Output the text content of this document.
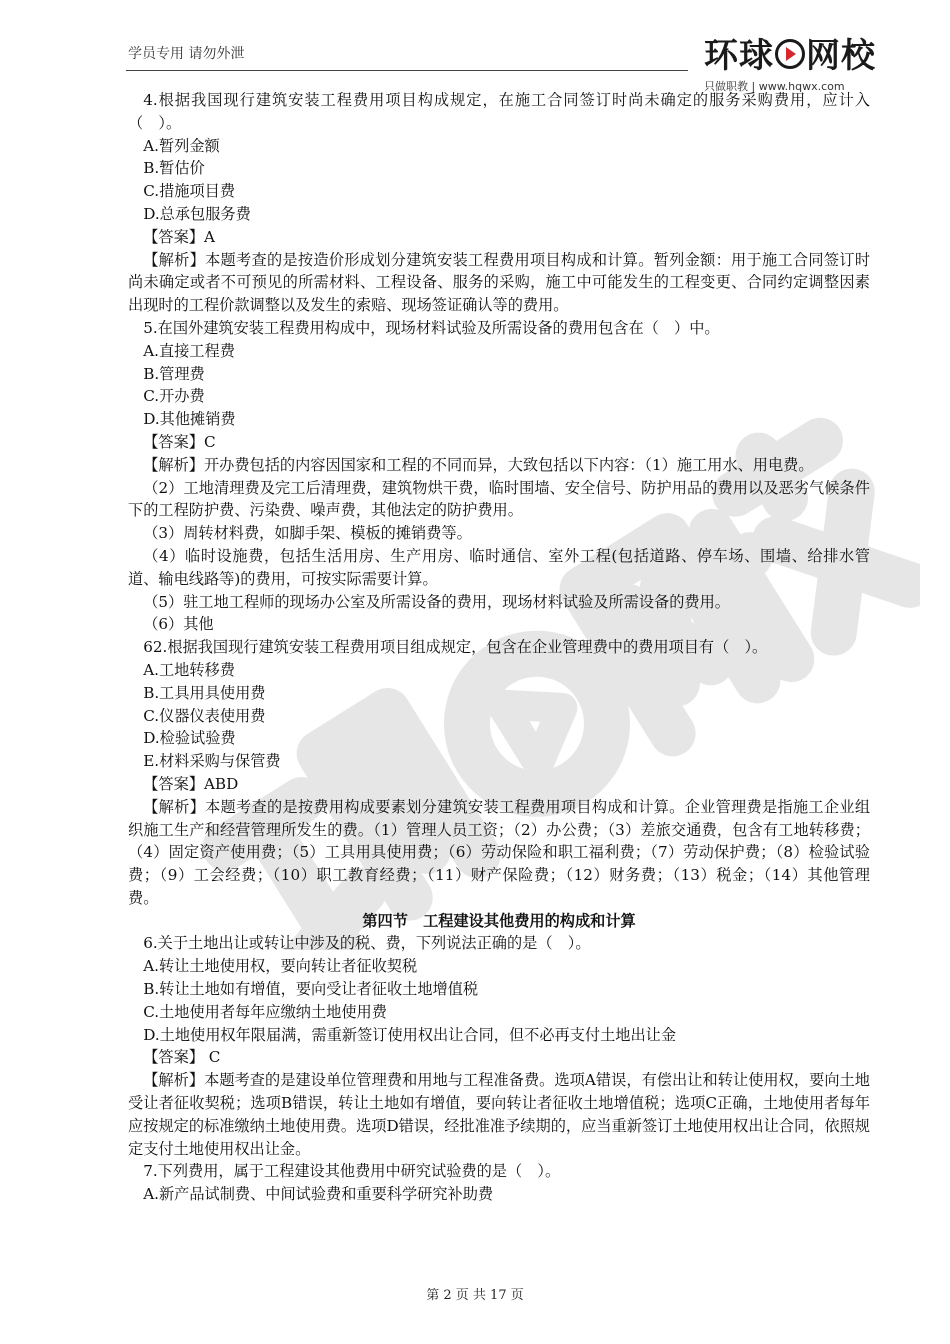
学员专用 请勿外泄	环球 网校
只做职教 | www.hqwx.com

4.根据我国现行建筑安装工程费用项目构成规定，在施工合同签订时尚未确定的服务采购费用，应计入（　）。

A.暂列金额

B.暂估价

C.措施项目费

D.总承包服务费

【答案】A

【解析】本题考查的是按造价形成划分建筑安装工程费用项目构成和计算。暂列金额：用于施工合同签订时尚未确定或者不可预见的所需材料、工程设备、服务的采购，施工中可能发生的工程变更、合同约定调整因素出现时的工程价款调整以及发生的索赔、现场签证确认等的费用。

5.在国外建筑安装工程费用构成中，现场材料试验及所需设备的费用包含在（　）中。

A.直接工程费

B.管理费

C.开办费

D.其他摊销费

【答案】C

【解析】开办费包括的内容因国家和工程的不同而异，大致包括以下内容：（1）施工用水、用电费。

（2）工地清理费及完工后清理费，建筑物烘干费，临时围墙、安全信号、防护用品的费用以及恶劣气候条件下的工程防护费、污染费、噪声费，其他法定的防护费用。

（3）周转材料费，如脚手架、模板的摊销费等。

（4）临时设施费，包括生活用房、生产用房、临时通信、室外工程(包括道路、停车场、围墙、给排水管道、输电线路等)的费用，可按实际需要计算。

（5）驻工地工程师的现场办公室及所需设备的费用，现场材料试验及所需设备的费用。

（6）其他

62.根据我国现行建筑安装工程费用项目组成规定，包含在企业管理费中的费用项目有（　）。

A.工地转移费

B.工具用具使用费

C.仪器仪表使用费

D.检验试验费

E.材料采购与保管费

【答案】ABD

【解析】本题考查的是按费用构成要素划分建筑安装工程费用项目构成和计算。企业管理费是指施工企业组织施工生产和经营管理所发生的费。（1）管理人员工资；（2）办公费；（3）差旅交通费，包含有工地转移费；（4）固定资产使用费；（5）工具用具使用费；（6）劳动保险和职工福利费；（7）劳动保护费；（8）检验试验费；（9）工会经费；（10）职工教育经费；（11）财产保险费；（12）财务费；（13）税金；（14）其他管理费。

第四节　工程建设其他费用的构成和计算

6.关于土地出让或转让中涉及的税、费，下列说法正确的是（　）。

A.转让土地使用权，要向转让者征收契税

B.转让土地如有增值，要向受让者征收土地增值税

C.土地使用者每年应缴纳土地使用费

D.土地使用权年限届满，需重新签订使用权出让合同，但不必再支付土地出让金

【答案】 C

【解析】本题考查的是建设单位管理费和用地与工程准备费。选项A错误，有偿出让和转让使用权，要向土地受让者征收契税；选项B错误，转让土地如有增值，要向转让者征收土地增值税；选项C正确，土地使用者每年应按规定的标准缴纳土地使用费。选项D错误，经批准准予续期的，应当重新签订土地使用权出让合同，依照规定支付土地使用权出让金。

7.下列费用，属于工程建设其他费用中研究试验费的是（　）。

A.新产品试制费、中间试验费和重要科学研究补助费

第 2 页 共 17 页
